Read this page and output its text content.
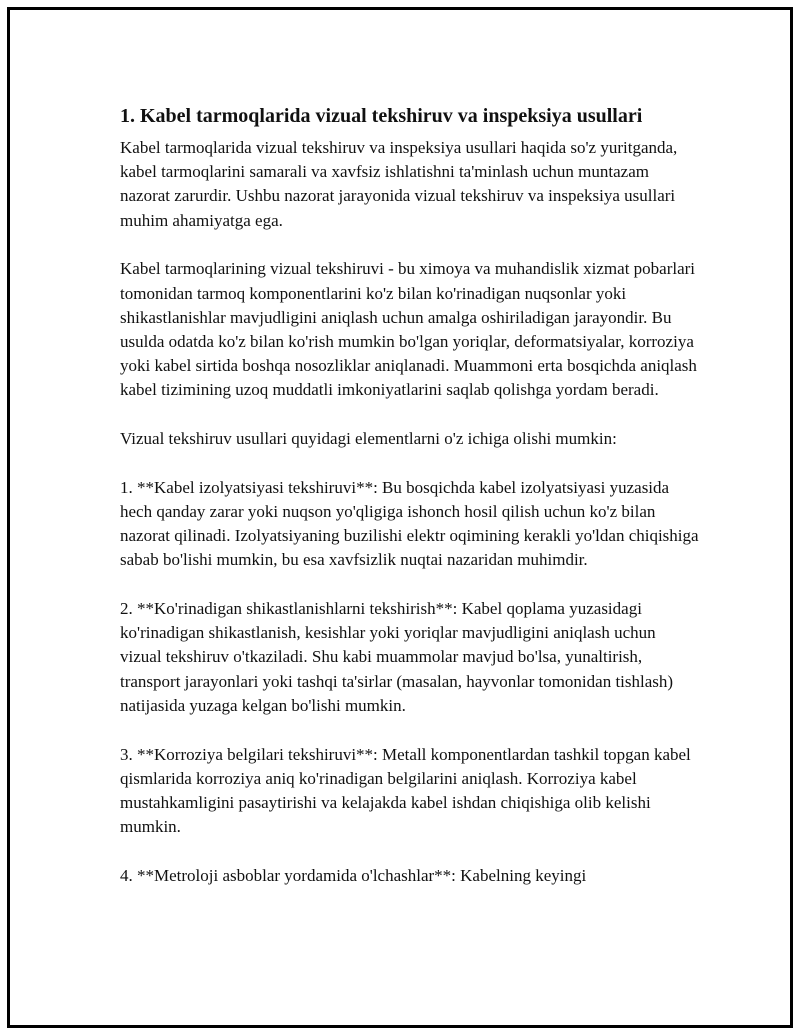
1. Kabel tarmoqlarida vizual tekshiruv va inspeksiya usullari

Kabel tarmoqlarida vizual tekshiruv va inspeksiya usullari haqida so'z yuritganda, kabel tarmoqlarini samarali va xavfsiz ishlatishni ta'minlash uchun muntazam nazorat zarurdir. Ushbu nazorat jarayonida vizual tekshiruv va inspeksiya usullari muhim ahamiyatga ega.

Kabel tarmoqlarining vizual tekshiruvi - bu ximoya va muhandislik xizmat pobarlari tomonidan tarmoq komponentlarini ko'z bilan ko'rinadigan nuqsonlar yoki shikastlanishlar mavjudligini aniqlash uchun amalga oshiriladigan jarayondir. Bu usulda odatda ko'z bilan ko'rish mumkin bo'lgan yoriqlar, deformatsiyalar, korroziya yoki kabel sirtida boshqa nosozliklar aniqlanadi. Muammoni erta bosqichda aniqlash kabel tizimining uzoq muddatli imkoniyatlarini saqlab qolishga yordam beradi.

Vizual tekshiruv usullari quyidagi elementlarni o'z ichiga olishi mumkin:

1. **Kabel izolyatsiyasi tekshiruvi**: Bu bosqichda kabel izolyatsiyasi yuzasida hech qanday zarar yoki nuqson yo'qligiga ishonch hosil qilish uchun ko'z bilan nazorat qilinadi. Izolyatsiyaning buzilishi elektr oqimining kerakli yo'ldan chiqishiga sabab bo'lishi mumkin, bu esa xavfsizlik nuqtai nazaridan muhimdir.

2. **Ko'rinadigan shikastlanishlarni tekshirish**: Kabel qoplama yuzasidagi ko'rinadigan shikastlanish, kesishlar yoki yoriqlar mavjudligini aniqlash uchun vizual tekshiruv o'tkaziladi. Shu kabi muammolar mavjud bo'lsa, yunaltirish, transport jarayonlari yoki tashqi ta'sirlar (masalan, hayvonlar tomonidan tishlash) natijasida yuzaga kelgan bo'lishi mumkin.

3. **Korroziya belgilari tekshiruvi**: Metall komponentlardan tashkil topgan kabel qismlarida korroziya aniq ko'rinadigan belgilarini aniqlash. Korroziya kabel mustahkamligini pasaytirishi va kelajakda kabel ishdan chiqishiga olib kelishi mumkin.

4. **Metroloji asboblar yordamida o'lchashlar**: Kabelning keyingi
